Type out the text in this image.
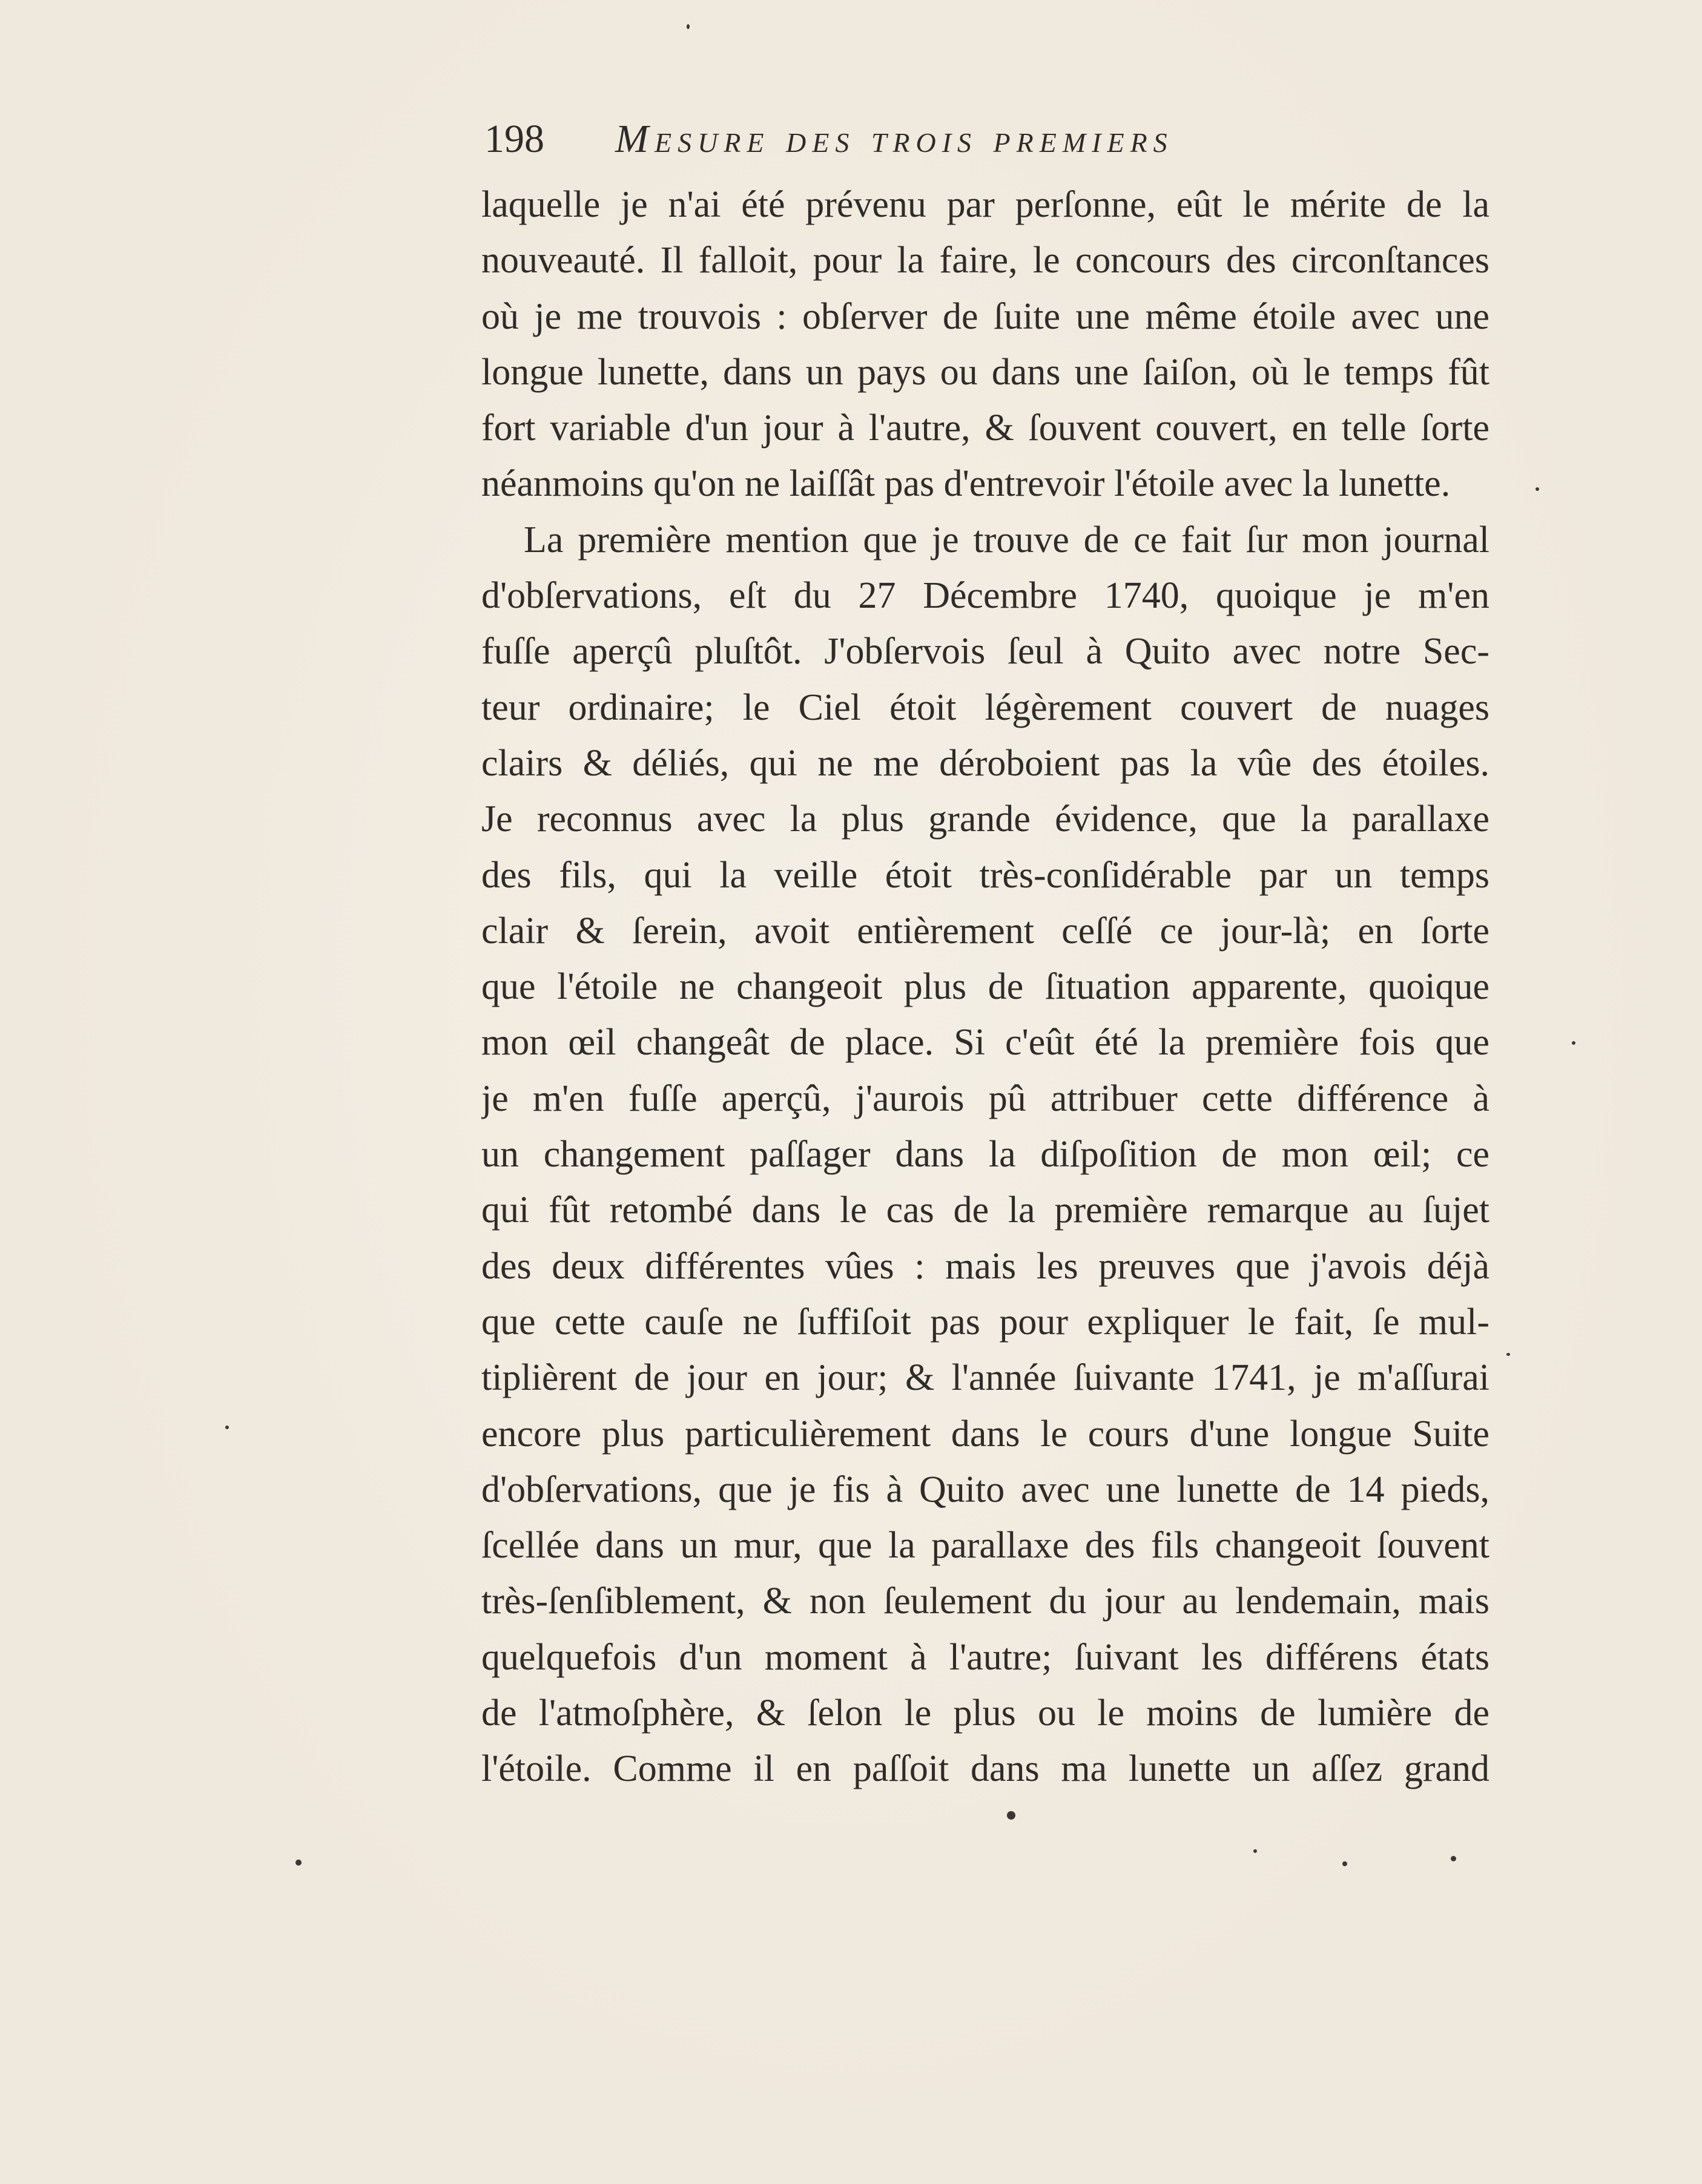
198 Mesure des trois premiers
laquelle je n'ai été prévenu par perſonne, eût le mérite de la
nouveauté. Il falloit, pour la faire, le concours des circonſtances
où je me trouvois : obſerver de ſuite une même étoile avec une
longue lunette, dans un pays ou dans une ſaiſon, où le temps fût
fort variable d'un jour à l'autre, & ſouvent couvert, en telle ſorte
néanmoins qu'on ne laiſſât pas d'entrevoir l'étoile avec la lunette.
La première mention que je trouve de ce fait ſur mon journal
d'obſervations, eſt du 27 Décembre 1740, quoique je m'en
fuſſe aperçû pluſtôt. J'obſervois ſeul à Quito avec notre Sec-
teur ordinaire; le Ciel étoit légèrement couvert de nuages
clairs & déliés, qui ne me déroboient pas la vûe des étoiles.
Je reconnus avec la plus grande évidence, que la parallaxe
des fils, qui la veille étoit très-conſidérable par un temps
clair & ſerein, avoit entièrement ceſſé ce jour-là; en ſorte
que l'étoile ne changeoit plus de ſituation apparente, quoique
mon œil changeât de place. Si c'eût été la première fois que
je m'en fuſſe aperçû, j'aurois pû attribuer cette différence à
un changement paſſager dans la diſpoſition de mon œil; ce
qui fût retombé dans le cas de la première remarque au ſujet
des deux différentes vûes : mais les preuves que j'avois déjà
que cette cauſe ne ſuffiſoit pas pour expliquer le fait, ſe mul-
tiplièrent de jour en jour; & l'année ſuivante 1741, je m'aſſurai
encore plus particulièrement dans le cours d'une longue Suite
d'obſervations, que je fis à Quito avec une lunette de 14 pieds,
ſcellée dans un mur, que la parallaxe des fils changeoit ſouvent
très-ſenſiblement, & non ſeulement du jour au lendemain, mais
quelquefois d'un moment à l'autre; ſuivant les différens états
de l'atmoſphère, & ſelon le plus ou le moins de lumière de
l'étoile. Comme il en paſſoit dans ma lunette un aſſez grand
